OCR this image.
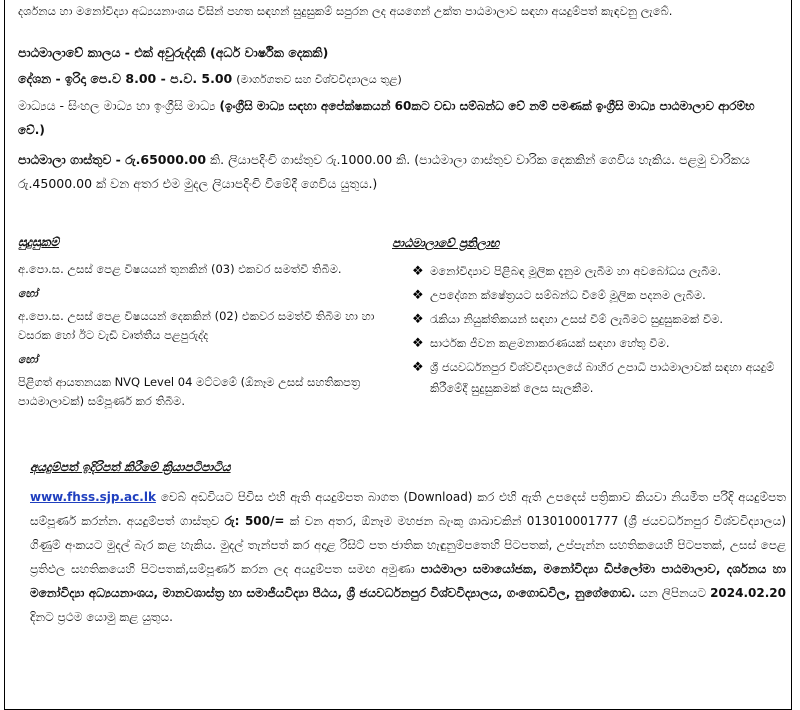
දර්ශනය හා මනෝවිද්‍යා අධ්‍යයනාංශය විසින් පහත සඳහන් සුදුසුකම් සපුරන ලද අයගෙන් උක්ත පාඨමාලාව සඳහා අයදුම්පත් කැඳවනු ලැබේ.
පාඨමාලාවේ කාලය - එක් අවුරුද්දකි (අර්ධ වාර්ෂික දෙකකි)
දේශන - ඉරිදා පෙ.ව 8.00 - ප.ව. 5.00 (මාර්ගගතව සහ විශ්වවිද්‍යාලය තුළ)
මාධ්‍යය - සිංහල මාධ්‍ය හා ඉංග්‍රීසි මාධ්‍ය (ඉංග්‍රීසි මාධ්‍ය සඳහා අපේක්ෂකයන් 60කට වඩා සම්බන්ධ වේ නම් පමණක් ඉංග්‍රීසි මාධ්‍ය පාඨමාලාව ආරම්භ වේ.)
පාඨමාලා ගාස්තුව - රු.65000.00 කි. ලියාපදිංචි ගාස්තුව රු.1000.00 කි. (පාඨමාලා ගාස්තුව වාරික දෙකකින් ගෙවිය හැකිය. පළමු වාරිකය රු.45000.00 ක් වන අතර එම මුදල ලියාපදිංචි වීමේදී ගෙවිය යුතුය.)
සුදුසුකම්

අ.පො.ස. උසස් පෙළ විෂයයන් තුනකින් (03) එකවර සමත්වී තිබීම.

හෝ

අ.පො.ස. උසස් පෙළ විෂයයන් දෙකකින් (02) එකවර සමත්වී තිබීම හා හා වසරක හෝ ඊට වැඩි වෘත්තීය පළපුරුද්ද

හෝ

පිළිගත් ආයතනයක NVQ Level 04 මට්ටමේ (ඕනෑම උසස් සහතිකපත්‍ර පාඨමාලාවක්) සම්පූර්ණ කර තිබීම.

පාඨමාලාවේ ප්‍රතිලාභ
❖ මනෝවිද්‍යාව පිළිබඳ මූලික දැනුම ලැබීම හා අවබෝධය ලැබීම.
❖ උපදේශන ක්ෂේත්‍රයට සම්බන්ධ වීමේ මූලික පදනම ලැබීම.
❖ රැකියා නියුක්තිකයන් සඳහා උසස් වීම් ලැබීමට සුදුසුකමක් වීම.
❖ සාර්ථක ජීවන කළමනාකරණයක් සඳහා හේතු වීම.
❖ ශ්‍රී ජයවර්ධනපුර විශ්වවිද්‍යාලයේ බාහිර උපාධි පාඨමාලාවක් සඳහා අයදුම් කිරීමේදී සුදුසුකමක් ලෙස සැලකීම.
අයදුම්පත් ඉදිරිපත් කිරීමේ ක්‍රියාපටිපාටිය
www.fhss.sjp.ac.lk වෙබ් අඩවියට පිවිස එහි ඇති අයදුම්පත බාගත (Download) කර එහි ඇති උපදෙස් පත්‍රිකාව කියවා නියමිත පරිදි අයදුම්පත සම්පූර්ණ කරන්න. අයදුම්පත් ගාස්තුව රු: 500/= ක් වන අතර, ඕනෑම මහජන බැංකු ශාඛාවකින් 013010001777 (ශ්‍රී ජයවර්ධනපුර විශ්වවිද්‍යාලය) ගිණුම් අංකයට මුදල් බැර කළ හැකිය. මුදල් තැන්පත් කර අදාළ රිසිට් පත ජාතික හැඳුනුම්පතෙහි පිටපතක්, උප්පැන්න සහතිකයෙහි පිටපතක්, උසස් පෙළ ප්‍රතිඵල සහතිකයෙහි පිටපතක්,සම්පූර්ණ කරන ලද අයදුම්පත සමඟ අමුණා පාඨමාලා සමායෝජක, මනෝවිද්‍යා ඩිප්ලෝමා පාඨමාලාව, දර්ශනය හා මනෝවිද්‍යා අධ්‍යයනාංශය, මානවශාස්ත්‍ර හා සමාජීයවිද්‍යා පීඨය, ශ්‍රී ජයවර්ධනපුර විශ්වවිද්‍යාලය, ගංගොඩවිල, නුගේගොඩ. යන ලිපිනයට 2024.02.20 දිනට ප්‍රථම යොමු කළ යුතුය.
